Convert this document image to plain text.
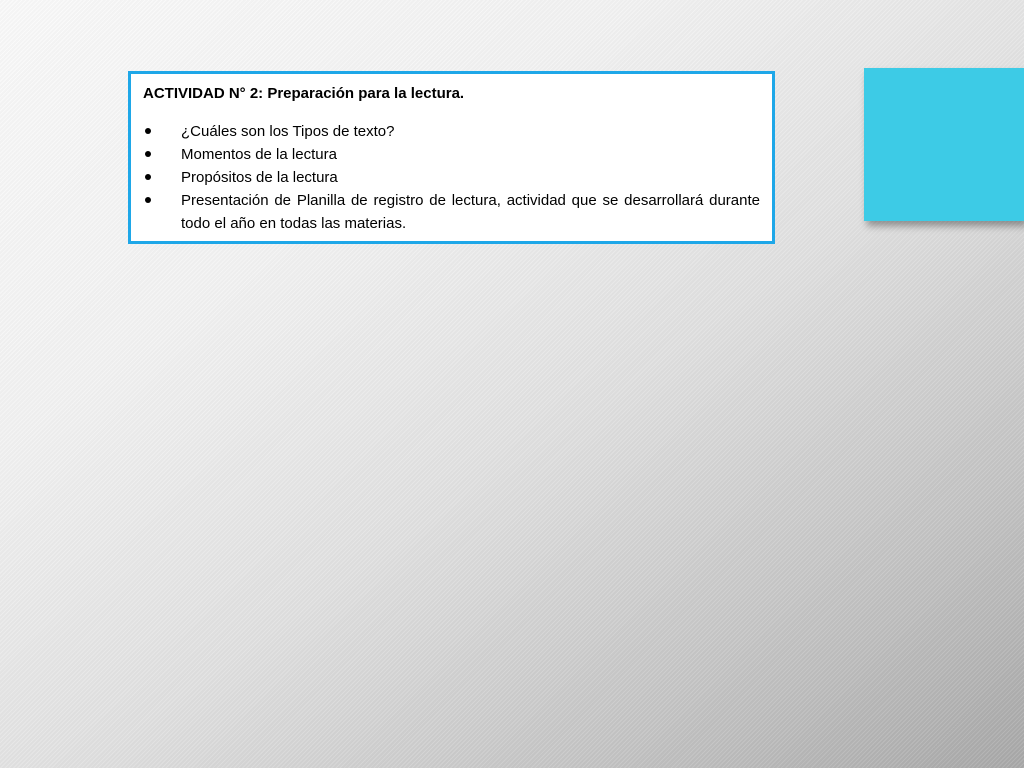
ACTIVIDAD N° 2: Preparación para la lectura.
¿Cuáles son los Tipos de texto?
Momentos de la lectura
Propósitos de la lectura
Presentación de Planilla de registro de lectura, actividad que se desarrollará durante todo el año en todas las materias.
